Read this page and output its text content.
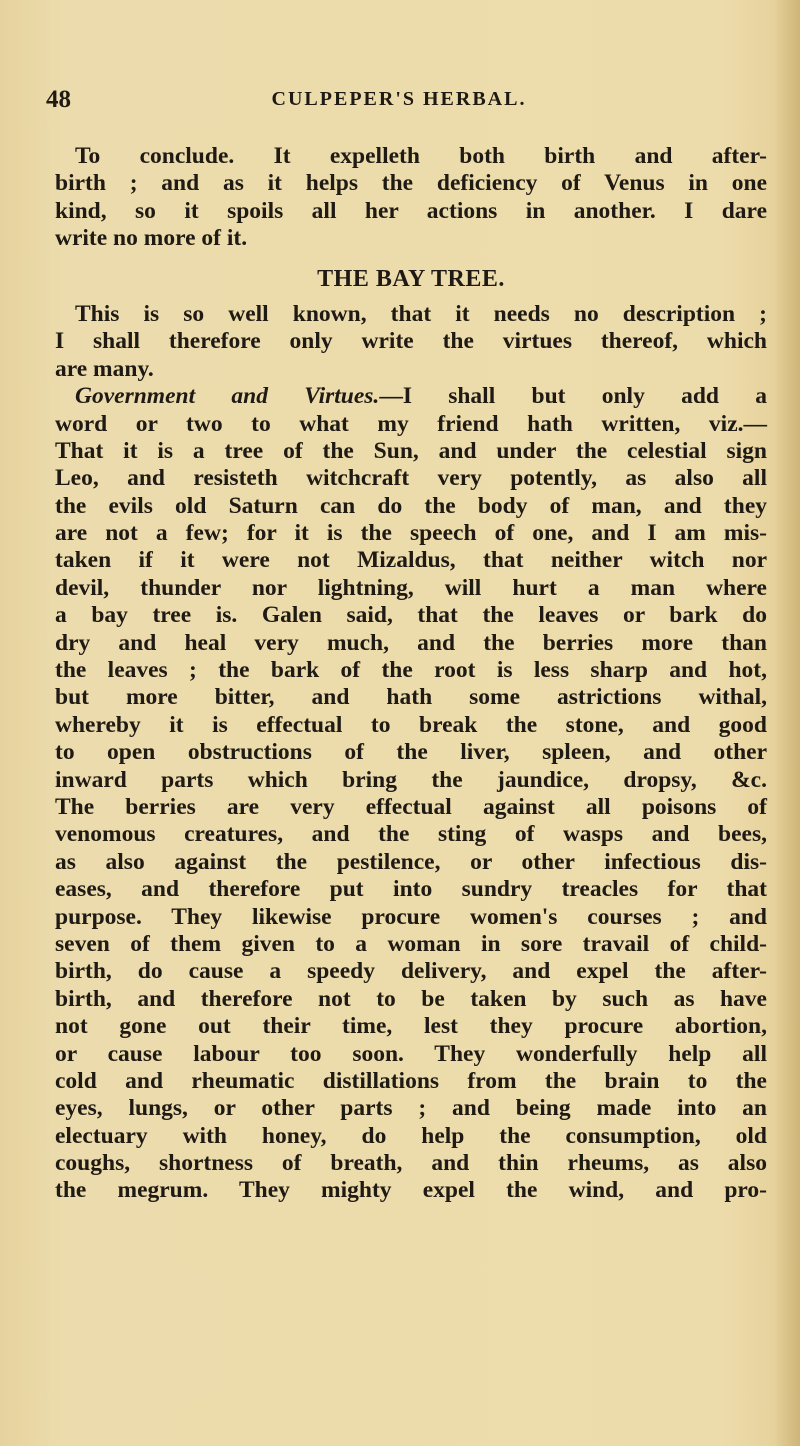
48	CULPEPER'S HERBAL.
To conclude. It expelleth both birth and after-
birth ; and as it helps the deficiency of Venus in one
kind, so it spoils all her actions in another. I dare
write no more of it.
THE BAY TREE.
This is so well known, that it needs no description ;
I shall therefore only write the virtues thereof, which
are many.
Government and Virtues.—I shall but only add a
word or two to what my friend hath written, viz.—
That it is a tree of the Sun, and under the celestial sign
Leo, and resisteth witchcraft very potently, as also all
the evils old Saturn can do the body of man, and they
are not a few; for it is the speech of one, and I am mis-
taken if it were not Mizaldus, that neither witch nor
devil, thunder nor lightning, will hurt a man where
a bay tree is. Galen said, that the leaves or bark do
dry and heal very much, and the berries more than
the leaves ; the bark of the root is less sharp and hot,
but more bitter, and hath some astrictions withal,
whereby it is effectual to break the stone, and good
to open obstructions of the liver, spleen, and other
inward parts which bring the jaundice, dropsy, &c.
The berries are very effectual against all poisons of
venomous creatures, and the sting of wasps and bees,
as also against the pestilence, or other infectious dis-
eases, and therefore put into sundry treacles for that
purpose. They likewise procure women's courses ; and
seven of them given to a woman in sore travail of child-
birth, do cause a speedy delivery, and expel the after-
birth, and therefore not to be taken by such as have
not gone out their time, lest they procure abortion,
or cause labour too soon. They wonderfully help all
cold and rheumatic distillations from the brain to the
eyes, lungs, or other parts ; and being made into an
electuary with honey, do help the consumption, old
coughs, shortness of breath, and thin rheums, as also
the megrum. They mighty expel the wind, and pro-
